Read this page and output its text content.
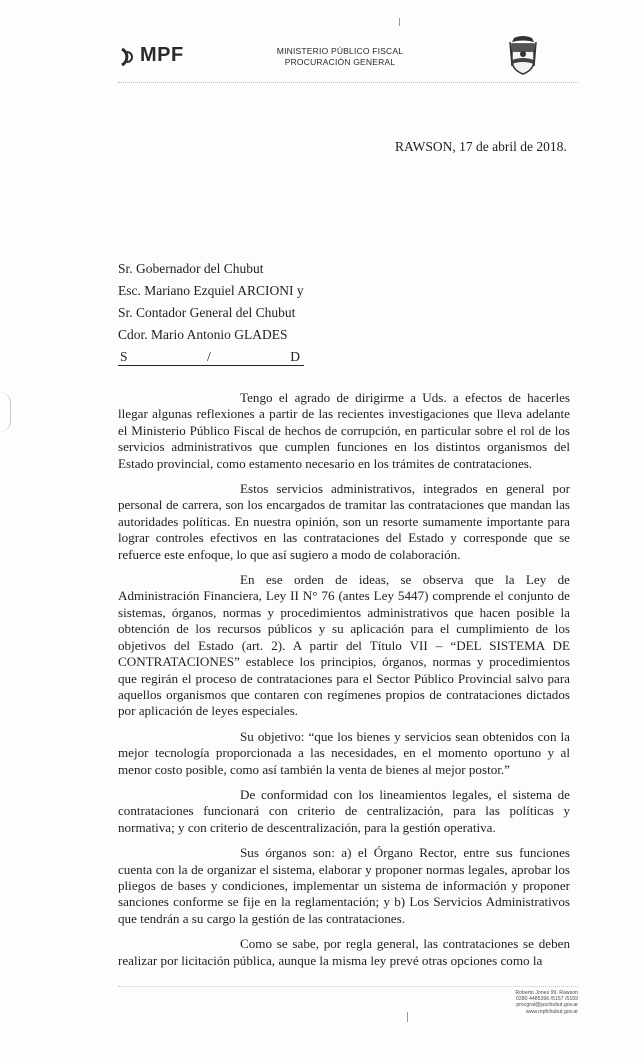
MPF	MINISTERIO PÚBLICO FISCAL
PROCURACIÓN GENERAL
RAWSON, 17 de abril de 2018.
Sr. Gobernador del Chubut
Esc. Mariano Ezquiel ARCIONI y
Sr. Contador General del Chubut
Cdor. Mario Antonio GLADES
S	/	D

Tengo el agrado de dirigirme a Uds. a efectos de hacerles llegar algunas reflexiones a partir de las recientes investigaciones que lleva adelante el Ministerio Público Fiscal de hechos de corrupción, en particular sobre el rol de los servicios administrativos que cumplen funciones en los distintos organismos del Estado provincial, como estamento necesario en los trámites de contrataciones.

Estos servicios administrativos, integrados en general por personal de carrera, son los encargados de tramitar las contrataciones que mandan las autoridades políticas. En nuestra opinión, son un resorte sumamente importante para lograr controles efectivos en las contrataciones del Estado y corresponde que se refuerce este enfoque, lo que así sugiero a modo de colaboración.

En ese orden de ideas, se observa que la Ley de Administración Financiera, Ley II N° 76 (antes Ley 5447) comprende el conjunto de sistemas, órganos, normas y procedimientos administrativos que hacen posible la obtención de los recursos públicos y su aplicación para el cumplimiento de los objetivos del Estado (art. 2). A partir del Título VII – “DEL SISTEMA DE CONTRATACIONES” establece los principios, órganos, normas y procedimientos que regirán el proceso de contrataciones para el Sector Público Provincial salvo para aquellos organismos que contaren con regímenes propios de contrataciones dictados por aplicación de leyes especiales.

Su objetivo: “que los bienes y servicios sean obtenidos con la mejor tecnología proporcionada a las necesidades, en el momento oportuno y al menor costo posible, como así también la venta de bienes al mejor postor.”

De conformidad con los lineamientos legales, el sistema de contrataciones funcionará con criterio de centralización, para las políticas y normativa; y con criterio de descentralización, para la gestión operativa.

Sus órganos son: a) el Órgano Rector, entre sus funciones cuenta con la de organizar el sistema, elaborar y proponer normas legales, aprobar los pliegos de bases y condiciones, implementar un sistema de información y proponer sanciones conforme se fije en la reglamentación; y b) Los Servicios Administrativos que tendrán a su cargo la gestión de las contrataciones.

Como se sabe, por regla general, las contrataciones se deben realizar por licitación pública, aunque la misma ley prevé otras opciones como la

Roberto Jones 99. Rawson
0280 4485396 /5157 /5159
procgral@juschubut.gov.ar
www.mpfchubut.gov.ar
